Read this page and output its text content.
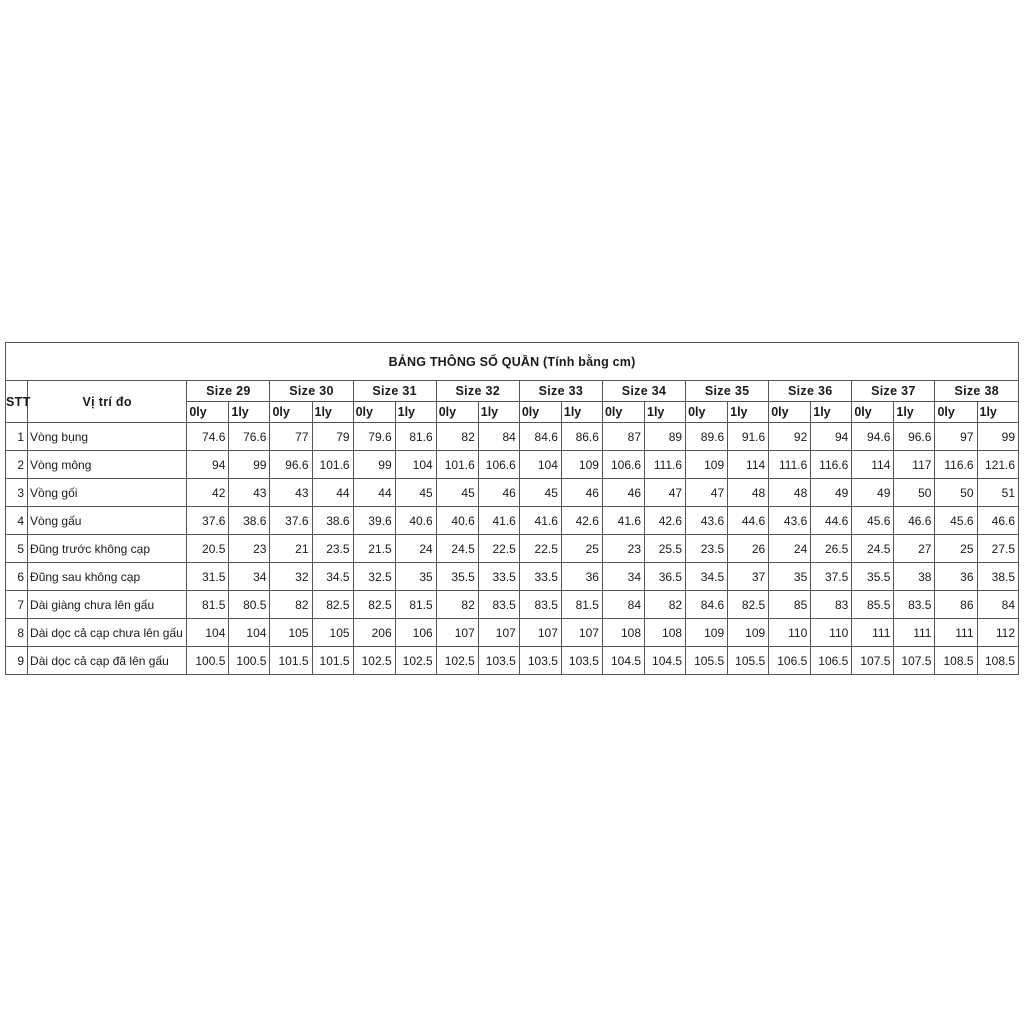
BẢNG THÔNG SỐ QUẦN (Tính bằng cm)																					
STT	Vị trí đo	Size 29		Size 30		Size 31		Size 32		Size 33		Size 34		Size 35		Size 36		Size 37		Size 38	
		0ly	1ly	0ly	1ly	0ly	1ly	0ly	1ly	0ly	1ly	0ly	1ly	0ly	1ly	0ly	1ly	0ly	1ly	0ly	1ly
1	Vòng bụng	74.6	76.6	77	79	79.6	81.6	82	84	84.6	86.6	87	89	89.6	91.6	92	94	94.6	96.6	97	99
2	Vòng mông	94	99	96.6	101.6	99	104	101.6	106.6	104	109	106.6	111.6	109	114	111.6	116.6	114	117	116.6	121.6
3	Vồng gối	42	43	43	44	44	45	45	46	45	46	46	47	47	48	48	49	49	50	50	51
4	Vòng gấu	37.6	38.6	37.6	38.6	39.6	40.6	40.6	41.6	41.6	42.6	41.6	42.6	43.6	44.6	43.6	44.6	45.6	46.6	45.6	46.6
5	Đũng trước không cạp	20.5	23	21	23.5	21.5	24	24.5	22.5	22.5	25	23	25.5	23.5	26	24	26.5	24.5	27	25	27.5
6	Đũng sau không cạp	31.5	34	32	34.5	32.5	35	35.5	33.5	33.5	36	34	36.5	34.5	37	35	37.5	35.5	38	36	38.5
7	Dài giàng chưa lên gấu	81.5	80.5	82	82.5	82.5	81.5	82	83.5	83.5	81.5	84	82	84.6	82.5	85	83	85.5	83.5	86	84
8	Dài dọc cả cạp chưa lên gấu	104	104	105	105	206	106	107	107	107	107	108	108	109	109	110	110	111	111	111	112
9	Dài dọc cả cạp đã lên gấu	100.5	100.5	101.5	101.5	102.5	102.5	102.5	103.5	103.5	103.5	104.5	104.5	105.5	105.5	106.5	106.5	107.5	107.5	108.5	108.5
